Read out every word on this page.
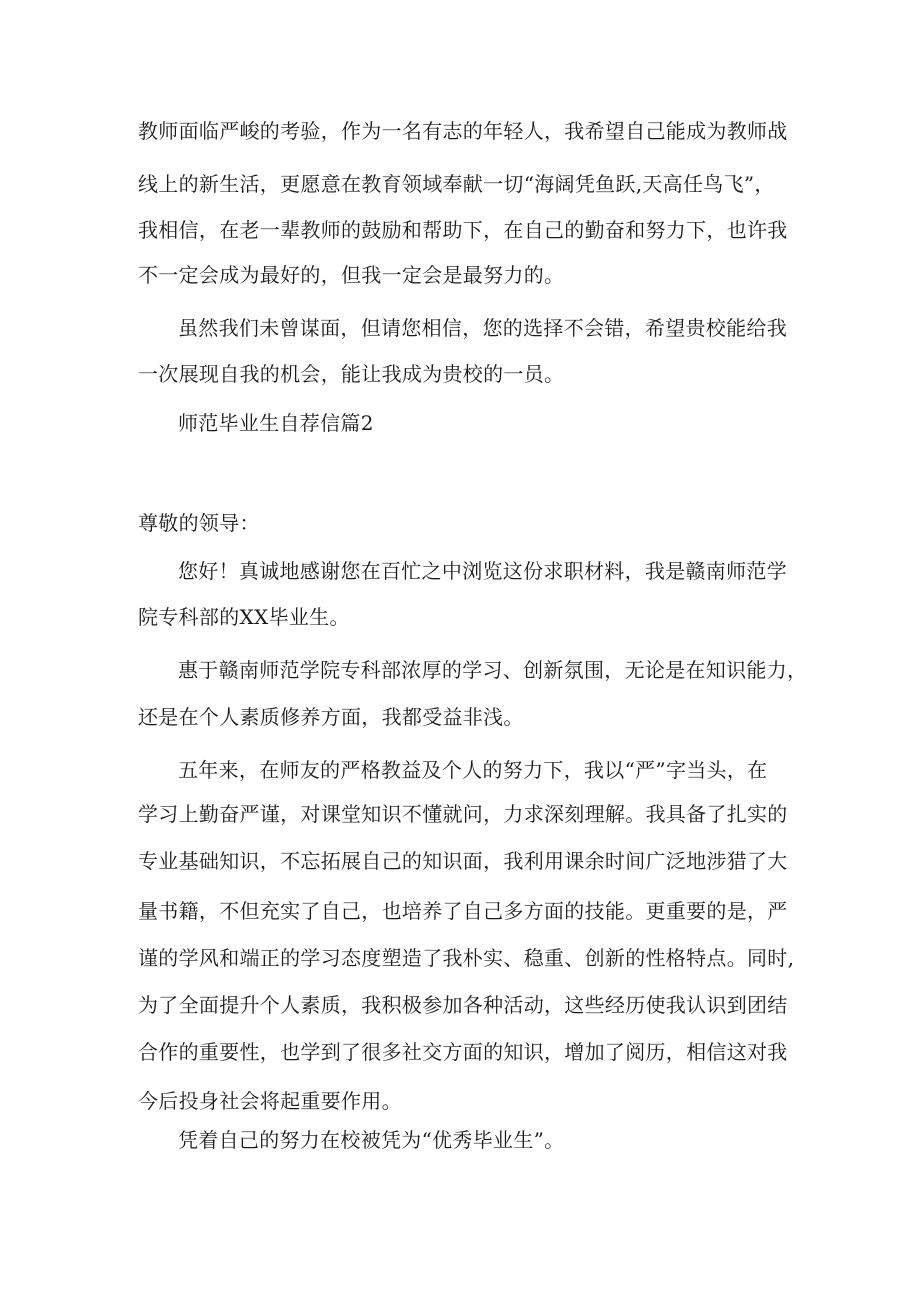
教师面临严峻的考验，作为一名有志的年轻人，我希望自己能成为教师战
线上的新生活，更愿意在教育领域奉献一切“海阔凭鱼跃,天高任鸟飞”，
我相信，在老一辈教师的鼓励和帮助下，在自己的勤奋和努力下，也许我
不一定会成为最好的，但我一定会是最努力的。
虽然我们未曾谋面，但请您相信，您的选择不会错，希望贵校能给我
一次展现自我的机会，能让我成为贵校的一员。
师范毕业生自荐信篇2
尊敬的领导：
您好！真诚地感谢您在百忙之中浏览这份求职材料，我是赣南师范学
院专科部的XX毕业生。
惠于赣南师范学院专科部浓厚的学习、创新氛围，无论是在知识能力，
还是在个人素质修养方面，我都受益非浅。
五年来，在师友的严格教益及个人的努力下，我以“严”字当头，在
学习上勤奋严谨，对课堂知识不懂就问，力求深刻理解。我具备了扎实的
专业基础知识，不忘拓展自己的知识面，我利用课余时间广泛地涉猎了大
量书籍，不但充实了自己，也培养了自己多方面的技能。更重要的是，严
谨的学风和端正的学习态度塑造了我朴实、稳重、创新的性格特点。同时,
为了全面提升个人素质，我积极参加各种活动，这些经历使我认识到团结
合作的重要性，也学到了很多社交方面的知识，增加了阅历，相信这对我
今后投身社会将起重要作用。
凭着自己的努力在校被凭为“优秀毕业生”。
